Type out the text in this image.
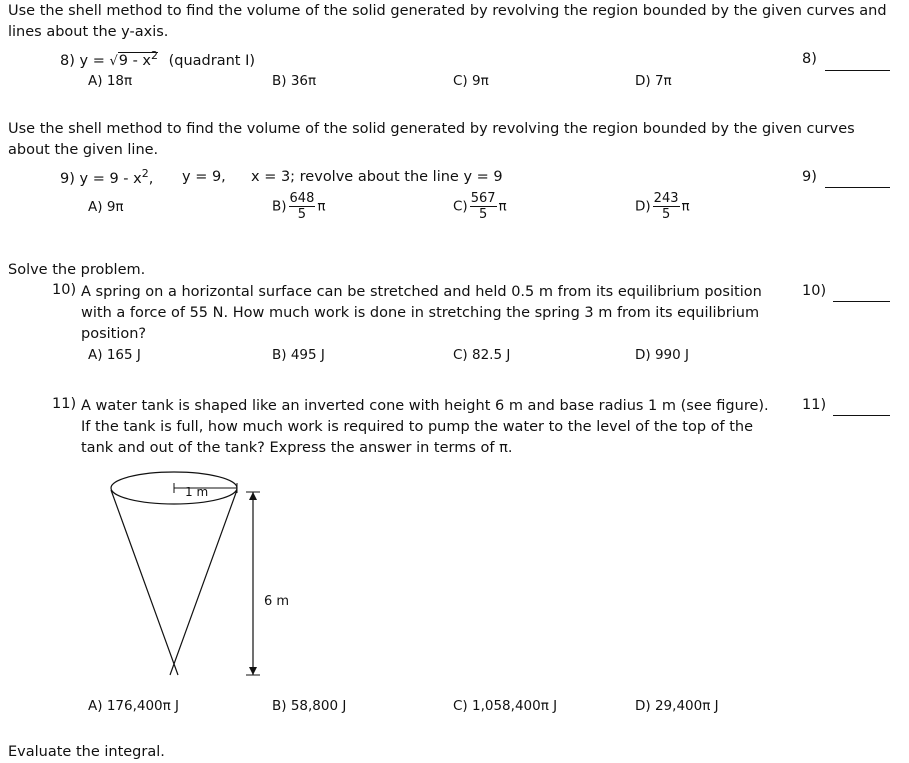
Use the shell method to find the volume of the solid generated by revolving the region bounded by the given curves and lines about the y-axis.
8) $y = √9 - x^2$ (quadrant I)	8)
A) 18π	B) 36π	C) 9π	D) 7π
Use the shell method to find the volume of the solid generated by revolving the region bounded by the given curves about the given line.
9) $y = 9 - x^2$, y = 9, x = 3; revolve about the line y = 9	9)
A) 9π	$B) \frac{648}{5}$ π	$C) \frac{567}{5}$ π	$D) \frac{243}{5}$ π
Solve the problem.
10) A spring on a horizontal surface can be stretched and held 0.5 m from its equilibrium position with a force of 55 N. How much work is done in stretching the spring 3 m from its equilibrium position?
10)
A) 165 J	B) 495 J	C) 82.5 J	D) 990 J
11) A water tank is shaped like an inverted cone with height 6 m and base radius 1 m (see figure). If the tank is full, how much work is required to pump the water to the level of the top of the tank and out of the tank? Express the answer in terms of π.
11)
1 m
6 m
A) 176,400π J	B) 58,800 J	C) 1,058,400π J	D) 29,400π J
Evaluate the integral.
